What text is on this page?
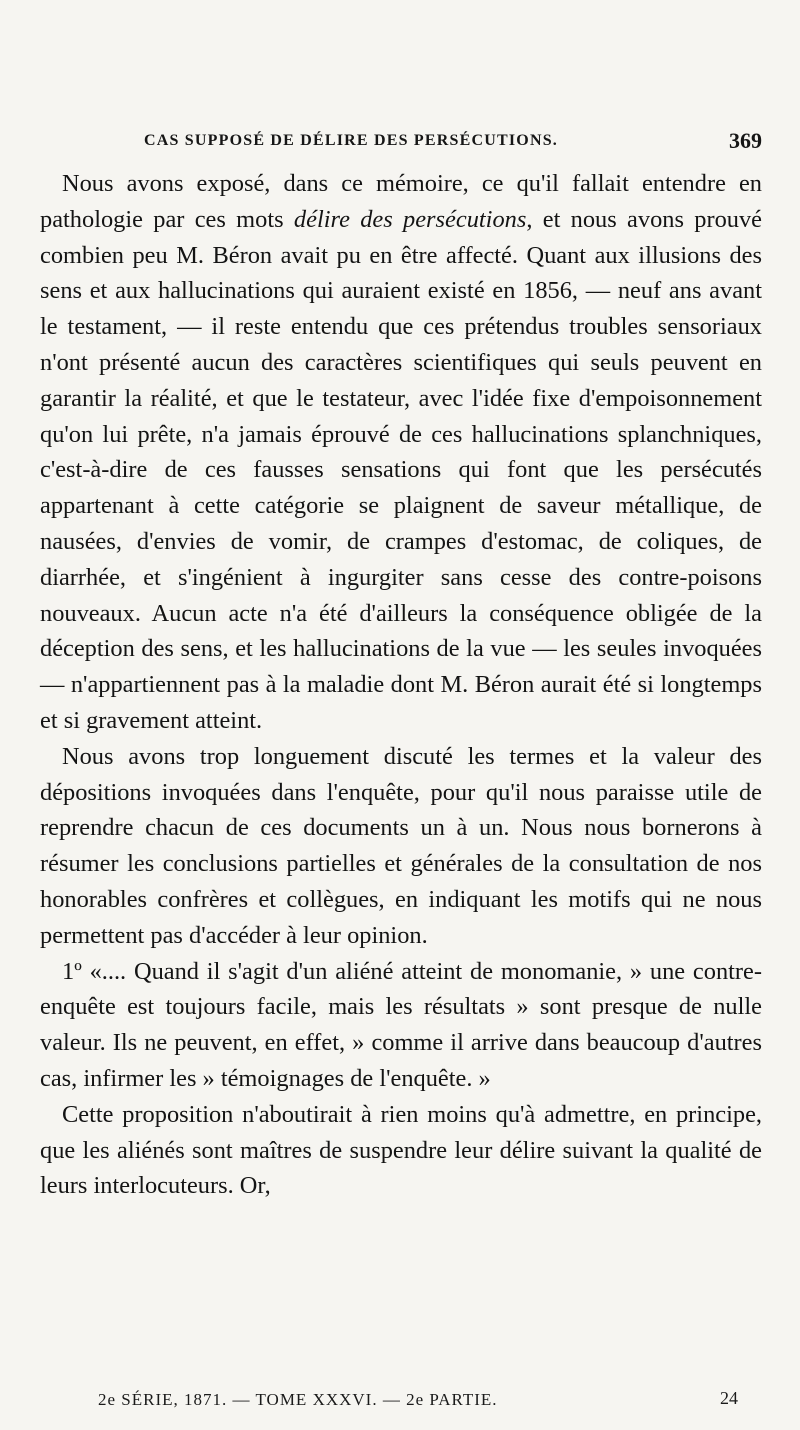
CAS SUPPOSÉ DE DÉLIRE DES PERSÉCUTIONS.	369

Nous avons exposé, dans ce mémoire, ce qu'il fallait entendre en pathologie par ces mots délire des persécutions, et nous avons prouvé combien peu M. Béron avait pu en être affecté. Quant aux illusions des sens et aux hallucinations qui auraient existé en 1856, — neuf ans avant le testament, — il reste entendu que ces prétendus troubles sensoriaux n'ont présenté aucun des caractères scientifiques qui seuls peuvent en garantir la réalité, et que le testateur, avec l'idée fixe d'empoisonnement qu'on lui prête, n'a jamais éprouvé de ces hallucinations splanchniques, c'est-à-dire de ces fausses sensations qui font que les persécutés appartenant à cette catégorie se plaignent de saveur métallique, de nausées, d'envies de vomir, de crampes d'estomac, de coliques, de diarrhée, et s'ingénient à ingurgiter sans cesse des contre-poisons nouveaux. Aucun acte n'a été d'ailleurs la conséquence obligée de la déception des sens, et les hallucinations de la vue — les seules invoquées — n'appartiennent pas à la maladie dont M. Béron aurait été si longtemps et si gravement atteint.

Nous avons trop longuement discuté les termes et la valeur des dépositions invoquées dans l'enquête, pour qu'il nous paraisse utile de reprendre chacun de ces documents un à un. Nous nous bornerons à résumer les conclusions partielles et générales de la consultation de nos honorables confrères et collègues, en indiquant les motifs qui ne nous permettent pas d'accéder à leur opinion.

1º «.... Quand il s'agit d'un aliéné atteint de monomanie, » une contre-enquête est toujours facile, mais les résultats » sont presque de nulle valeur. Ils ne peuvent, en effet, » comme il arrive dans beaucoup d'autres cas, infirmer les » témoignages de l'enquête. »

Cette proposition n'aboutirait à rien moins qu'à admettre, en principe, que les aliénés sont maîtres de suspendre leur délire suivant la qualité de leurs interlocuteurs. Or,

2e SÉRIE, 1871. — TOME XXXVI. — 2e PARTIE.	24
